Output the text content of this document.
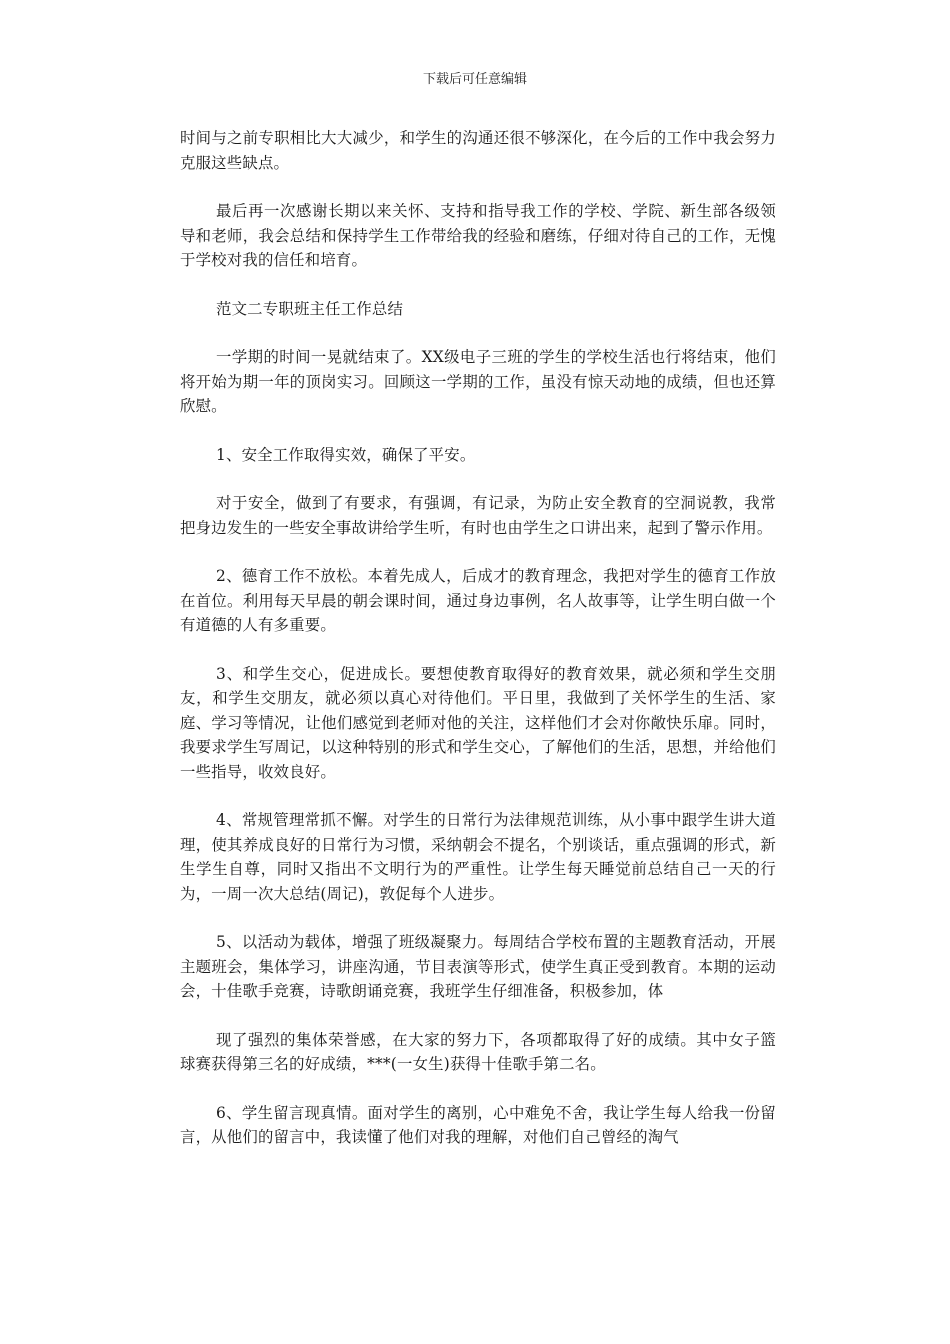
下载后可任意编辑

时间与之前专职相比大大减少，和学生的沟通还很不够深化，在今后的工作中我会努力克服这些缺点。

最后再一次感谢长期以来关怀、支持和指导我工作的学校、学院、新生部各级领导和老师，我会总结和保持学生工作带给我的经验和磨练，仔细对待自己的工作，无愧于学校对我的信任和培育。

范文二专职班主任工作总结

一学期的时间一晃就结束了。XX级电子三班的学生的学校生活也行将结束，他们将开始为期一年的顶岗实习。回顾这一学期的工作，虽没有惊天动地的成绩，但也还算欣慰。

1、安全工作取得实效，确保了平安。

对于安全，做到了有要求，有强调，有记录，为防止安全教育的空洞说教，我常把身边发生的一些安全事故讲给学生听，有时也由学生之口讲出来，起到了警示作用。

2、德育工作不放松。本着先成人，后成才的教育理念，我把对学生的德育工作放在首位。利用每天早晨的朝会课时间，通过身边事例，名人故事等，让学生明白做一个有道德的人有多重要。

3、和学生交心，促进成长。要想使教育取得好的教育效果，就必须和学生交朋友，和学生交朋友，就必须以真心对待他们。平日里，我做到了关怀学生的生活、家庭、学习等情况，让他们感觉到老师对他的关注，这样他们才会对你敞快乐扉。同时，我要求学生写周记，以这种特别的形式和学生交心，了解他们的生活，思想，并给他们一些指导，收效良好。

4、常规管理常抓不懈。对学生的日常行为法律规范训练，从小事中跟学生讲大道理，使其养成良好的日常行为习惯，采纳朝会不提名，个别谈话，重点强调的形式，新生学生自尊，同时又指出不文明行为的严重性。让学生每天睡觉前总结自己一天的行为，一周一次大总结(周记)，敦促每个人进步。

5、以活动为载体，增强了班级凝聚力。每周结合学校布置的主题教育活动，开展主题班会，集体学习，讲座沟通，节目表演等形式，使学生真正受到教育。本期的运动会，十佳歌手竞赛，诗歌朗诵竞赛，我班学生仔细准备，积极参加，体

现了强烈的集体荣誉感，在大家的努力下，各项都取得了好的成绩。其中女子篮球赛获得第三名的好成绩，***(一女生)获得十佳歌手第二名。

6、学生留言现真情。面对学生的离别，心中难免不舍，我让学生每人给我一份留言，从他们的留言中，我读懂了他们对我的理解，对他们自己曾经的淘气
